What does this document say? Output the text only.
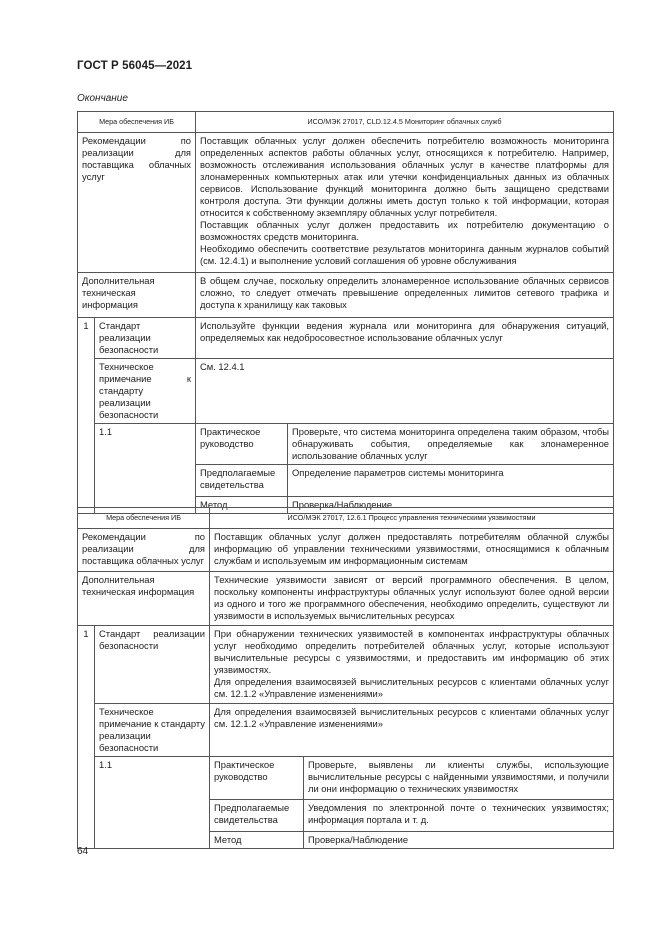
ГОСТ Р 56045—2021
Окончание
Мера обеспечения ИБ		ИСО/МЭК 27017, CLD.12.4.5 Мониторинг облачных служб	
Рекомендации по реализации для поставщика облачных услуг		Поставщик облачных услуг должен обеспечить потребителю возможность мониторинга определенных аспектов работы облачных услуг, относящихся к потребителю. Например, возможность отслеживания использования облачных услуг в качестве платформы для злонамеренных компьютерных атак или утечки конфиденциальных данных из облачных сервисов. Использование функций мониторинга должно быть защищено средствами контроля доступа. Эти функции должны иметь доступ только к той информации, которая относится к собственному экземпляру облачных услуг потребителя.
Поставщик облачных услуг должен предоставить их потребителю документацию о возможностях средств мониторинга.
Необходимо обеспечить соответствие результатов мониторинга данным журналов событий (см. 12.4.1) и выполнение условий соглашения об уровне обслуживания	

Дополнительная техническая информация		В общем случае, поскольку определить злонамеренное использование облачных сервисов сложно, то следует отмечать превышение определенных лимитов сетевого трафика и доступа к хранилищу как таковых	
1	Стандарт реализации безопасности	Используйте функции ведения журнала или мониторинга для обнаружения ситуаций, определяемых как недобросовестное использование облачных услуг	
	Техническое примечание к стандарту реализации безопасности	См. 12.4.1	
	1.1	Практическое руководство	Проверьте, что система мониторинга определена таким образом, чтобы обнаруживать события, определяемые как злонамеренное использование облачных услуг
		Предполагаемые свидетельства	Определение параметров системы мониторинга
		Метод	Проверка/Наблюдение
Мера обеспечения ИБ		ИСО/МЭК 27017, 12.6.1 Процесс управления техническими уязвимостями	
Рекомендации по реализации для поставщика облачных услуг		Поставщик облачных услуг должен предоставлять потребителям облачной службы информацию об управлении техническими уязвимостями, относящимися к облачным службам и используемым им информационным системам	
Дополнительная техническая информация		Технические уязвимости зависят от версий программного обеспечения. В целом, поскольку компоненты инфраструктуры облачных услуг используют более одной версии из одного и того же программного обеспечения, необходимо определить, существуют ли уязвимости в используемых вычислительных ресурсах	
1	Стандарт реализации безопасности	При обнаружении технических уязвимостей в компонентах инфраструктуры облачных услуг необходимо определить потребителей облачных услуг, которые используют вычислительные ресурсы с уязвимостями, и предоставить им информацию об этих уязвимостях.
Для определения взаимосвязей вычислительных ресурсов с клиентами облачных услуг см. 12.1.2 «Управление изменениями»	

	Техническое примечание к стандарту реализации безопасности	Для определения взаимосвязей вычислительных ресурсов с клиентами облачных услуг см. 12.1.2 «Управление изменениями»	
	1.1	Практическое руководство	Проверьте, выявлены ли клиенты службы, использующие вычислительные ресурсы с найденными уязвимостями, и получили ли они информацию о технических уязвимостях
		Предполагаемые свидетельства	Уведомления по электронной почте о технических уязвимостях; информация портала и т. д.
		Метод	Проверка/Наблюдение
64
